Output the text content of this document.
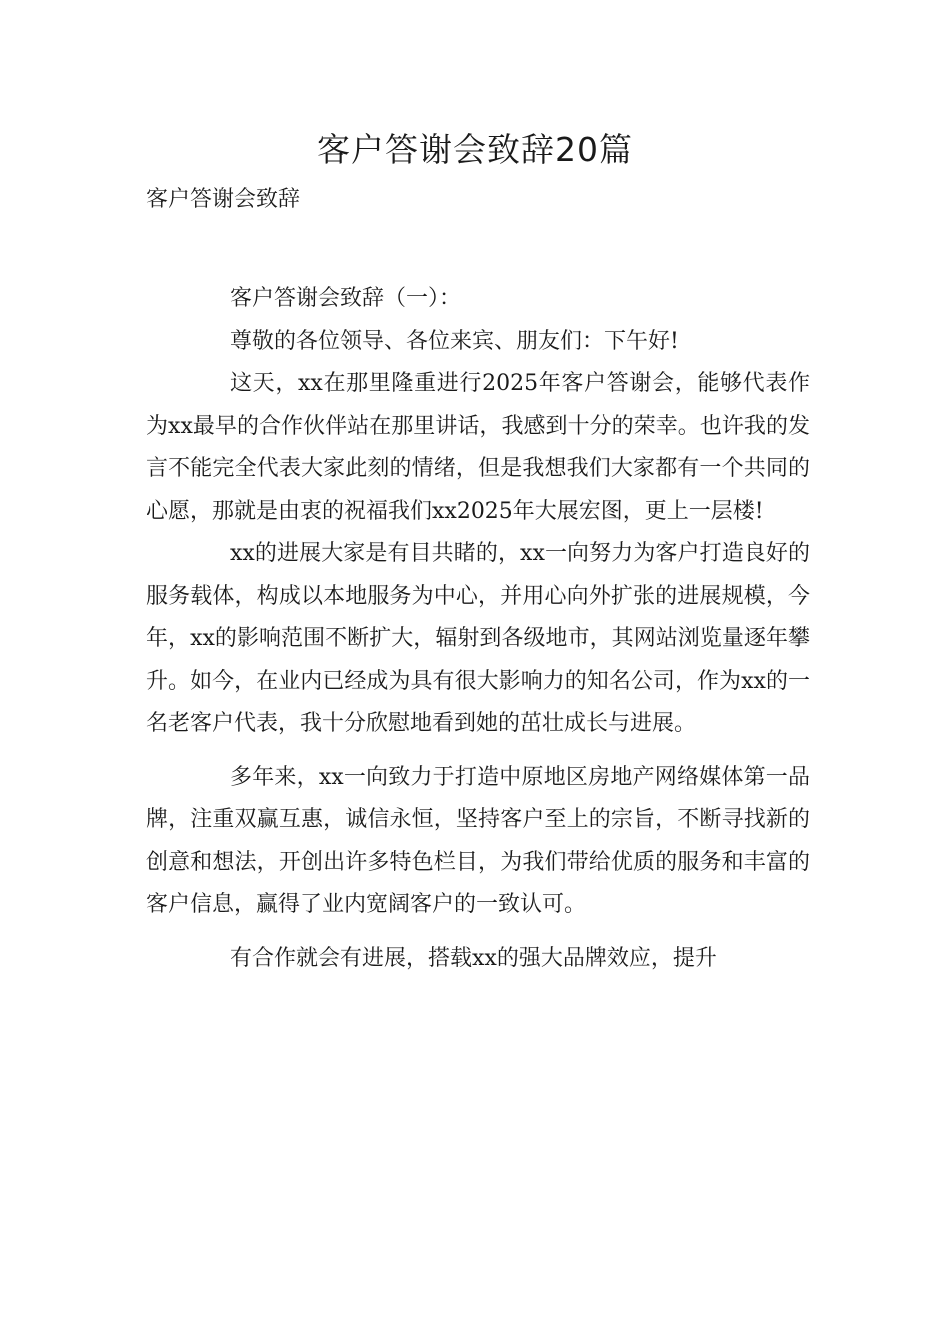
客户答谢会致辞20篇
客户答谢会致辞

客户答谢会致辞（一）：

尊敬的各位领导、各位来宾、朋友们：下午好!

这天，xx在那里隆重进行2025年客户答谢会，能够代表作为xx最早的合作伙伴站在那里讲话，我感到十分的荣幸。也许我的发言不能完全代表大家此刻的情绪，但是我想我们大家都有一个共同的心愿，那就是由衷的祝福我们xx2025年大展宏图，更上一层楼!

xx的进展大家是有目共睹的，xx一向努力为客户打造良好的服务载体，构成以本地服务为中心，并用心向外扩张的进展规模，今年，xx的影响范围不断扩大，辐射到各级地市，其网站浏览量逐年攀升。如今，在业内已经成为具有很大影响力的知名公司，作为xx的一名老客户代表，我十分欣慰地看到她的茁壮成长与进展。

多年来，xx一向致力于打造中原地区房地产网络媒体第一品牌，注重双赢互惠，诚信永恒，坚持客户至上的宗旨，不断寻找新的创意和想法，开创出许多特色栏目，为我们带给优质的服务和丰富的客户信息，赢得了业内宽阔客户的一致认可。

有合作就会有进展，搭载xx的强大品牌效应，提升
